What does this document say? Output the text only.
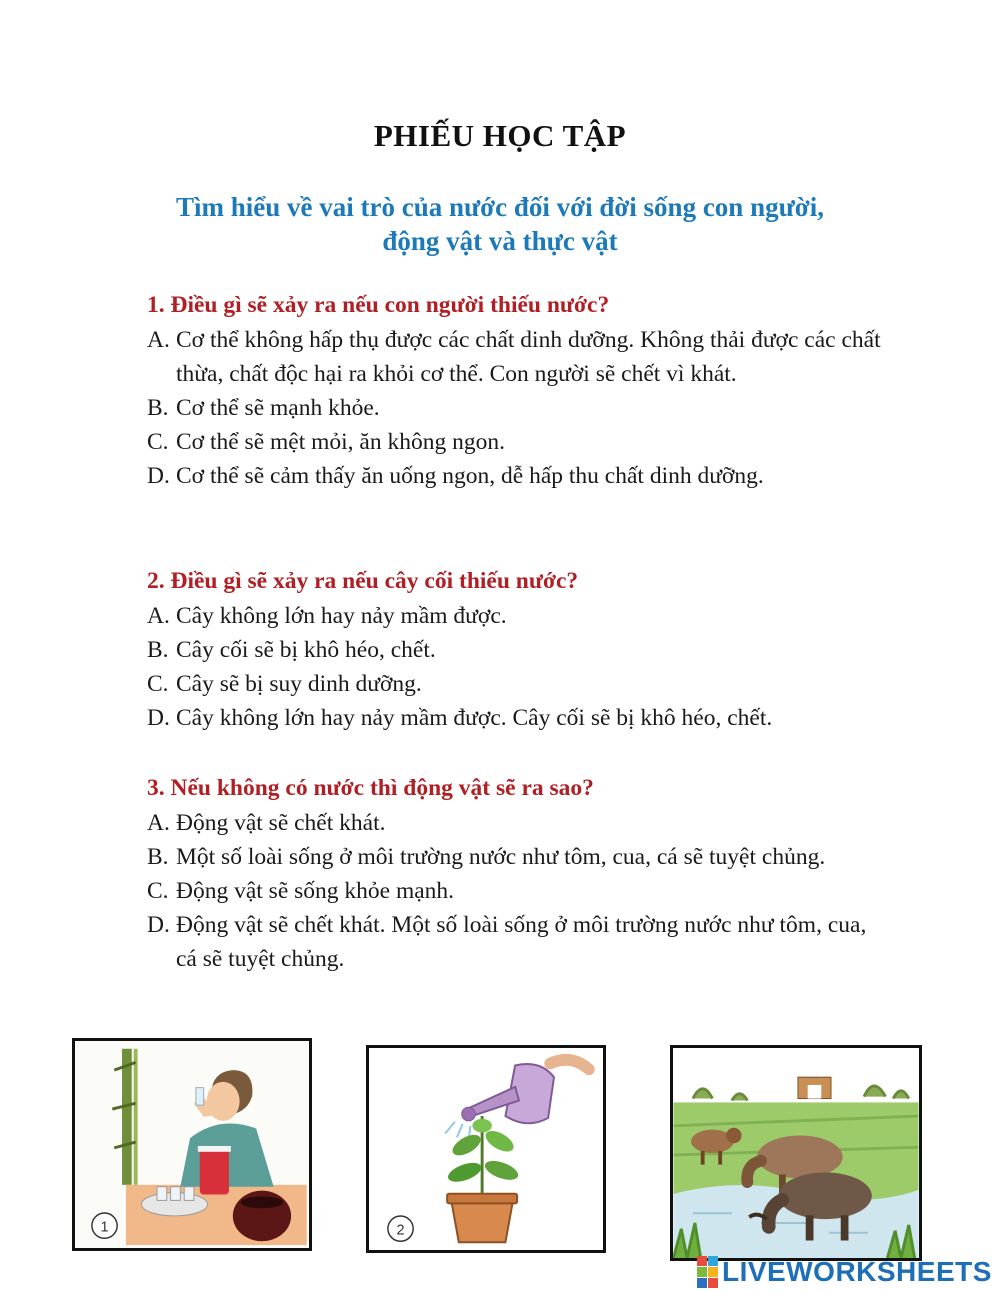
PHIẾU HỌC TẬP
Tìm hiểu về vai trò của nước đối với đời sống con người,
động vật và thực vật
1. Điều gì sẽ xảy ra nếu con người thiếu nước?
A. Cơ thể không hấp thụ được các chất dinh dưỡng. Không thải được các chất thừa, chất độc hại ra khỏi cơ thể. Con người sẽ chết vì khát.
B. Cơ thể sẽ mạnh khỏe.
C. Cơ thể sẽ mệt mỏi, ăn không ngon.
D. Cơ thể sẽ cảm thấy ăn uống ngon, dễ hấp thu chất dinh dưỡng.
2. Điều gì sẽ xảy ra nếu cây cối thiếu nước?
A. Cây không lớn hay nảy mầm được.
B. Cây cối sẽ bị khô héo, chết.
C. Cây sẽ bị suy dinh dưỡng.
D. Cây không lớn hay nảy mầm được. Cây cối sẽ bị khô héo, chết.
3. Nếu không có nước thì động vật sẽ ra sao?
A. Động vật sẽ chết khát.
B. Một số loài sống ở môi trường nước như tôm, cua, cá sẽ tuyệt chủng.
C. Động vật sẽ sống khỏe mạnh.
D. Động vật sẽ chết khát. Một số loài sống ở môi trường nước như tôm, cua, cá sẽ tuyệt chủng.
1	2
LIVEWORKSHEETS
